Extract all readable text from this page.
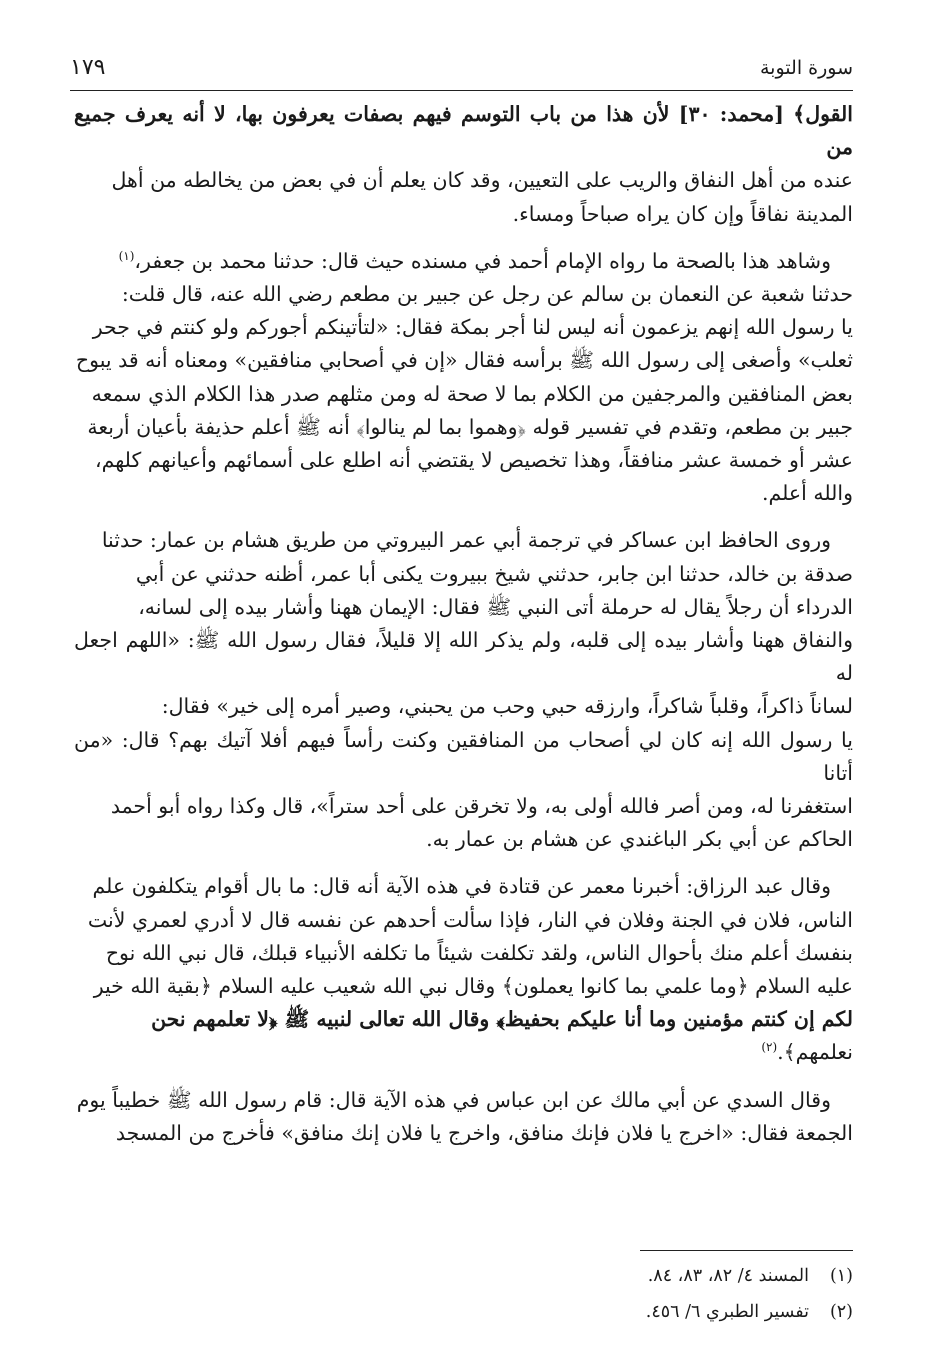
سورة التوبة
١٧٩

القول﴾ [محمد: ٣٠] لأن هذا من باب التوسم فيهم بصفات يعرفون بها، لا أنه يعرف جميع من
عنده من أهل النفاق والريب على التعيين، وقد كان يعلم أن في بعض من يخالطه من أهل
المدينة نفاقاً وإن كان يراه صباحاً ومساء.

وشاهد هذا بالصحة ما رواه الإمام أحمد في مسنده حيث قال: حدثنا محمد بن جعفر،$^{(١)}$
حدثنا شعبة عن النعمان بن سالم عن رجل عن جبير بن مطعم رضي الله عنه، قال قلت:
يا رسول الله إنهم يزعمون أنه ليس لنا أجر بمكة فقال: «لتأتينكم أجوركم ولو كنتم في جحر
ثعلب» وأصغى إلى رسول الله ﷺ برأسه فقال «إن في أصحابي منافقين» ومعناه أنه قد يبوح
بعض المنافقين والمرجفين من الكلام بما لا صحة له ومن مثلهم صدر هذا الكلام الذي سمعه
جبير بن مطعم، وتقدم في تفسير قوله ﴿وهموا بما لم ينالوا﴾ أنه ﷺ أعلم حذيفة بأعيان أربعة
عشر أو خمسة عشر منافقاً، وهذا تخصيص لا يقتضي أنه اطلع على أسمائهم وأعيانهم كلهم،
والله أعلم.

وروى الحافظ ابن عساكر في ترجمة أبي عمر البيروتي من طريق هشام بن عمار: حدثنا
صدقة بن خالد، حدثنا ابن جابر، حدثني شيخ ببيروت يكنى أبا عمر، أظنه حدثني عن أبي
الدرداء أن رجلاً يقال له حرملة أتى النبي ﷺ فقال: الإيمان ههنا وأشار بيده إلى لسانه،
والنفاق ههنا وأشار بيده إلى قلبه، ولم يذكر الله إلا قليلاً، فقال رسول الله ﷺ: «اللهم اجعل له
لساناً ذاكراً، وقلباً شاكراً، وارزقه حبي وحب من يحبني، وصير أمره إلى خير» فقال:
يا رسول الله إنه كان لي أصحاب من المنافقين وكنت رأساً فيهم أفلا آتيك بهم؟ قال: «من أتانا
استغفرنا له، ومن أصر فالله أولى به، ولا تخرقن على أحد ستراً»، قال وكذا رواه أبو أحمد
الحاكم عن أبي بكر الباغندي عن هشام بن عمار به.

وقال عبد الرزاق: أخبرنا معمر عن قتادة في هذه الآية أنه قال: ما بال أقوام يتكلفون علم
الناس، فلان في الجنة وفلان في النار، فإذا سألت أحدهم عن نفسه قال لا أدري لعمري لأنت
بنفسك أعلم منك بأحوال الناس، ولقد تكلفت شيئاً ما تكلفه الأنبياء قبلك، قال نبي الله نوح
عليه السلام ﴿وما علمي بما كانوا يعملون﴾ وقال نبي الله شعيب عليه السلام ﴿بقية الله خير
لكم إن كنتم مؤمنين وما أنا عليكم بحفيظ﴾ وقال الله تعالى لنبيه ﷺ ﴿لا تعلمهم نحن
نعلمهم﴾.$^{(٢)}$

وقال السدي عن أبي مالك عن ابن عباس في هذه الآية قال: قام رسول الله ﷺ خطيباً يوم
الجمعة فقال: «اخرج يا فلان فإنك منافق، واخرج يا فلان إنك منافق» فأخرج من المسجد

(١)المسند ٤/ ٨٢، ٨٣، ٨٤.
(٢)تفسير الطبري ٦/ ٤٥٦.
